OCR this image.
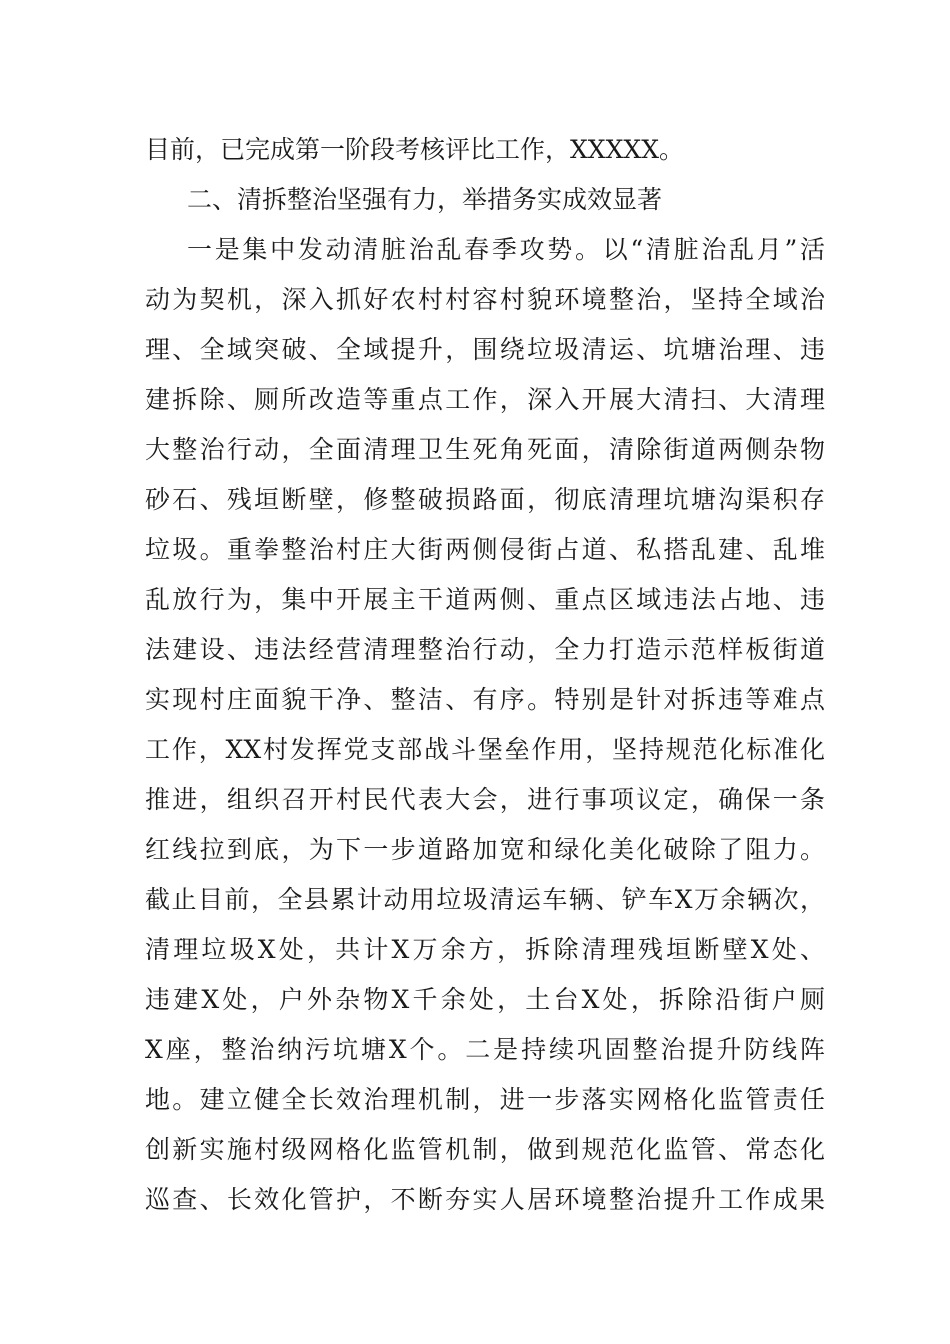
目前，已完成第一阶段考核评比工作，XXXXX。
二、清拆整治坚强有力，举措务实成效显著
一是集中发动清脏治乱春季攻势。以“清脏治乱月”活
动为契机，深入抓好农村村容村貌环境整治，坚持全域治
理、全域突破、全域提升，围绕垃圾清运、坑塘治理、违
建拆除、厕所改造等重点工作，深入开展大清扫、大清理
大整治行动，全面清理卫生死角死面，清除街道两侧杂物
砂石、残垣断壁，修整破损路面，彻底清理坑塘沟渠积存
垃圾。重拳整治村庄大街两侧侵街占道、私搭乱建、乱堆
乱放行为，集中开展主干道两侧、重点区域违法占地、违
法建设、违法经营清理整治行动，全力打造示范样板街道
实现村庄面貌干净、整洁、有序。特别是针对拆违等难点
工作，XX村发挥党支部战斗堡垒作用，坚持规范化标准化
推进，组织召开村民代表大会，进行事项议定，确保一条
红线拉到底，为下一步道路加宽和绿化美化破除了阻力。
截止目前，全县累计动用垃圾清运车辆、铲车X万余辆次，
清理垃圾X处，共计X万余方，拆除清理残垣断壁X处、
违建X处，户外杂物X千余处，土台X处，拆除沿街户厕
X座，整治纳污坑塘X个。二是持续巩固整治提升防线阵
地。建立健全长效治理机制，进一步落实网格化监管责任
创新实施村级网格化监管机制，做到规范化监管、常态化
巡查、长效化管护，不断夯实人居环境整治提升工作成果
